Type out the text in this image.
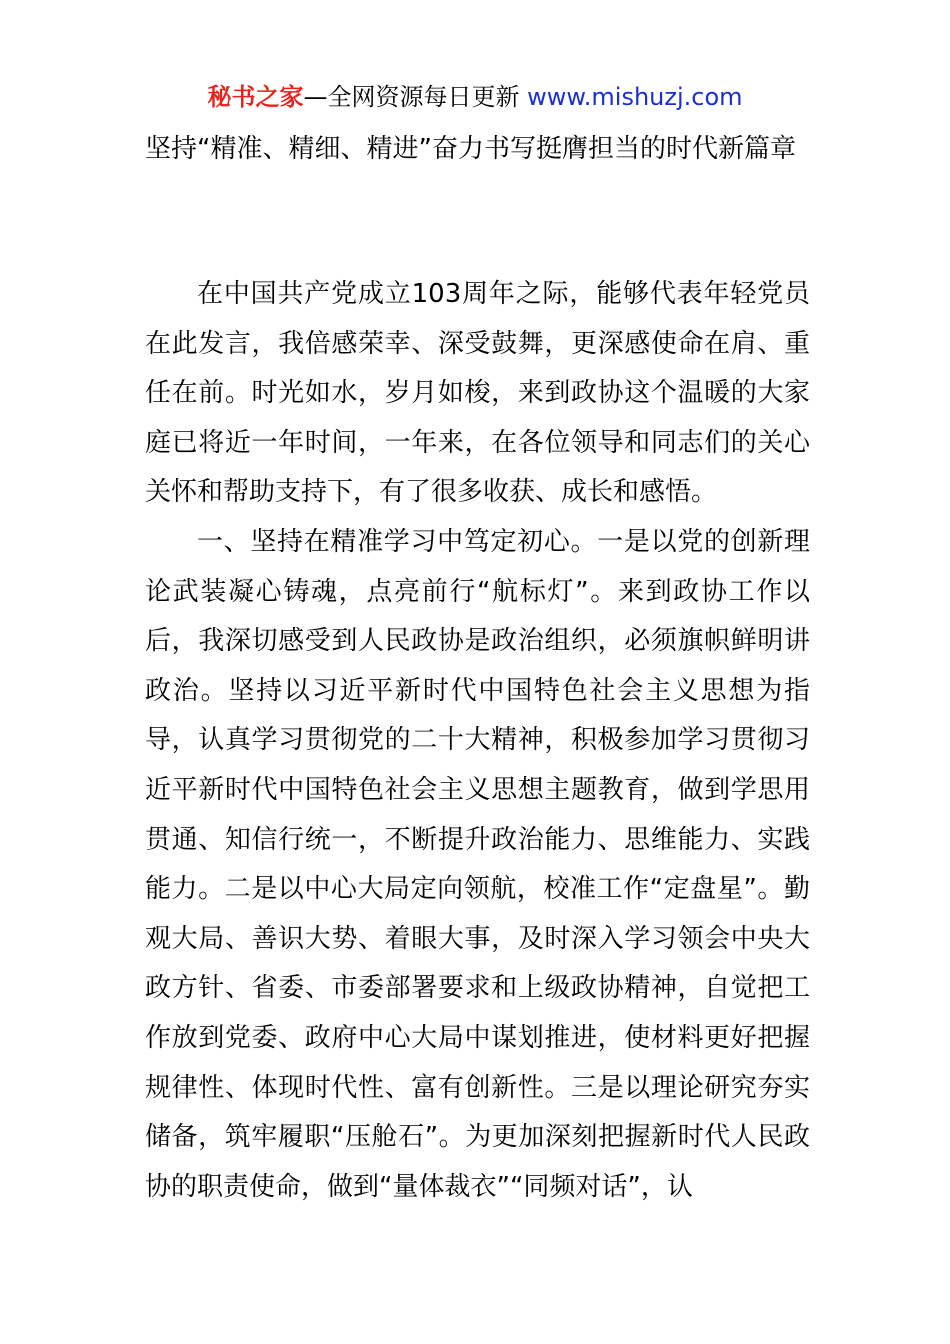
秘书之家—全网资源每日更新 www.mishuzj.com
坚持“精准、精细、精进”奋力书写挺膺担当的时代新篇章

在中国共产党成立103周年之际，能够代表年轻党员在此发言，我倍感荣幸、深受鼓舞，更深感使命在肩、重任在前。时光如水，岁月如梭，来到政协这个温暖的大家庭已将近一年时间，一年来，在各位领导和同志们的关心关怀和帮助支持下，有了很多收获、成长和感悟。

一、坚持在精准学习中笃定初心。一是以党的创新理论武装凝心铸魂，点亮前行“航标灯”。来到政协工作以后，我深切感受到人民政协是政治组织，必须旗帜鲜明讲政治。坚持以习近平新时代中国特色社会主义思想为指导，认真学习贯彻党的二十大精神，积极参加学习贯彻习近平新时代中国特色社会主义思想主题教育，做到学思用贯通、知信行统一，不断提升政治能力、思维能力、实践能力。二是以中心大局定向领航，校准工作“定盘星”。勤观大局、善识大势、着眼大事，及时深入学习领会中央大政方针、省委、市委部署要求和上级政协精神，自觉把工作放到党委、政府中心大局中谋划推进，使材料更好把握规律性、体现时代性、富有创新性。三是以理论研究夯实储备，筑牢履职“压舱石”。为更加深刻把握新时代人民政协的职责使命，做到“量体裁衣”“同频对话”，认
